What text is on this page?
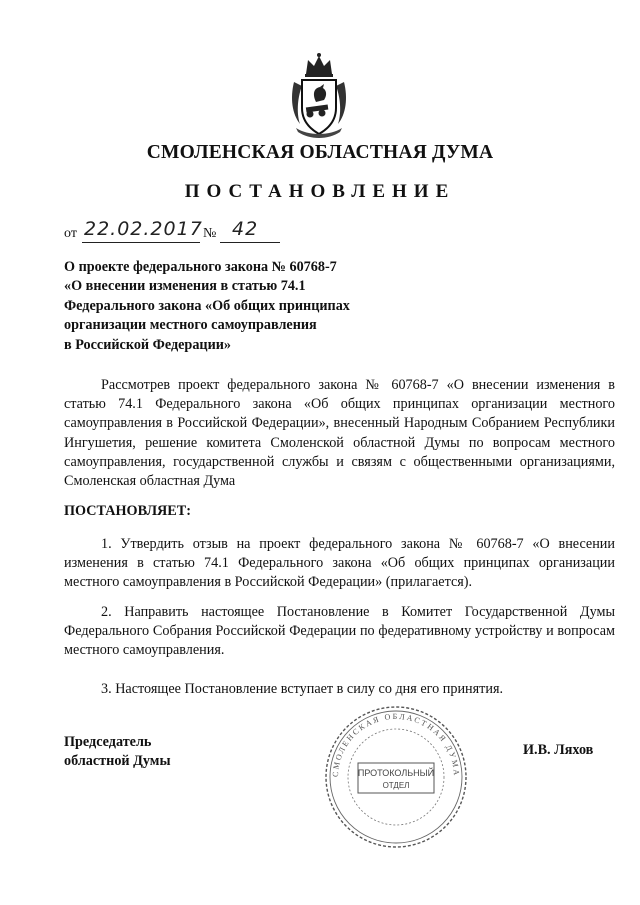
СМОЛЕНСКАЯ ОБЛАСТНАЯ ДУМА
ПОСТАНОВЛЕНИЕ
от 22.02.2017 № 42
О проекте федерального закона № 60768-7
«О внесении изменения в статью 74.1
Федерального закона «Об общих принципах
организации местного самоуправления
в Российской Федерации»
Рассмотрев проект федерального закона № 60768-7 «О внесении изменения в статью 74.1 Федерального закона «Об общих принципах организации местного самоуправления в Российской Федерации», внесенный Народным Собранием Республики Ингушетия, решение комитета Смоленской областной Думы по вопросам местного самоуправления, государственной службы и связям с общественными организациями, Смоленская областная Дума
ПОСТАНОВЛЯЕТ:
1. Утвердить отзыв на проект федерального закона № 60768-7 «О внесении изменения в статью 74.1 Федерального закона «Об общих принципах организации местного самоуправления в Российской Федерации» (прилагается).
2. Направить настоящее Постановление в Комитет Государственной Думы Федерального Собрания Российской Федерации по федеративному устройству и вопросам местного самоуправления.
3. Настоящее Постановление вступает в силу со дня его принятия.
Председатель
областной Думы
И.В. Ляхов
СМОЛЕНСКАЯ ОБЛАСТНАЯ ДУМА
ПРОТОКОЛЬНЫЙ
ОТДЕЛ
